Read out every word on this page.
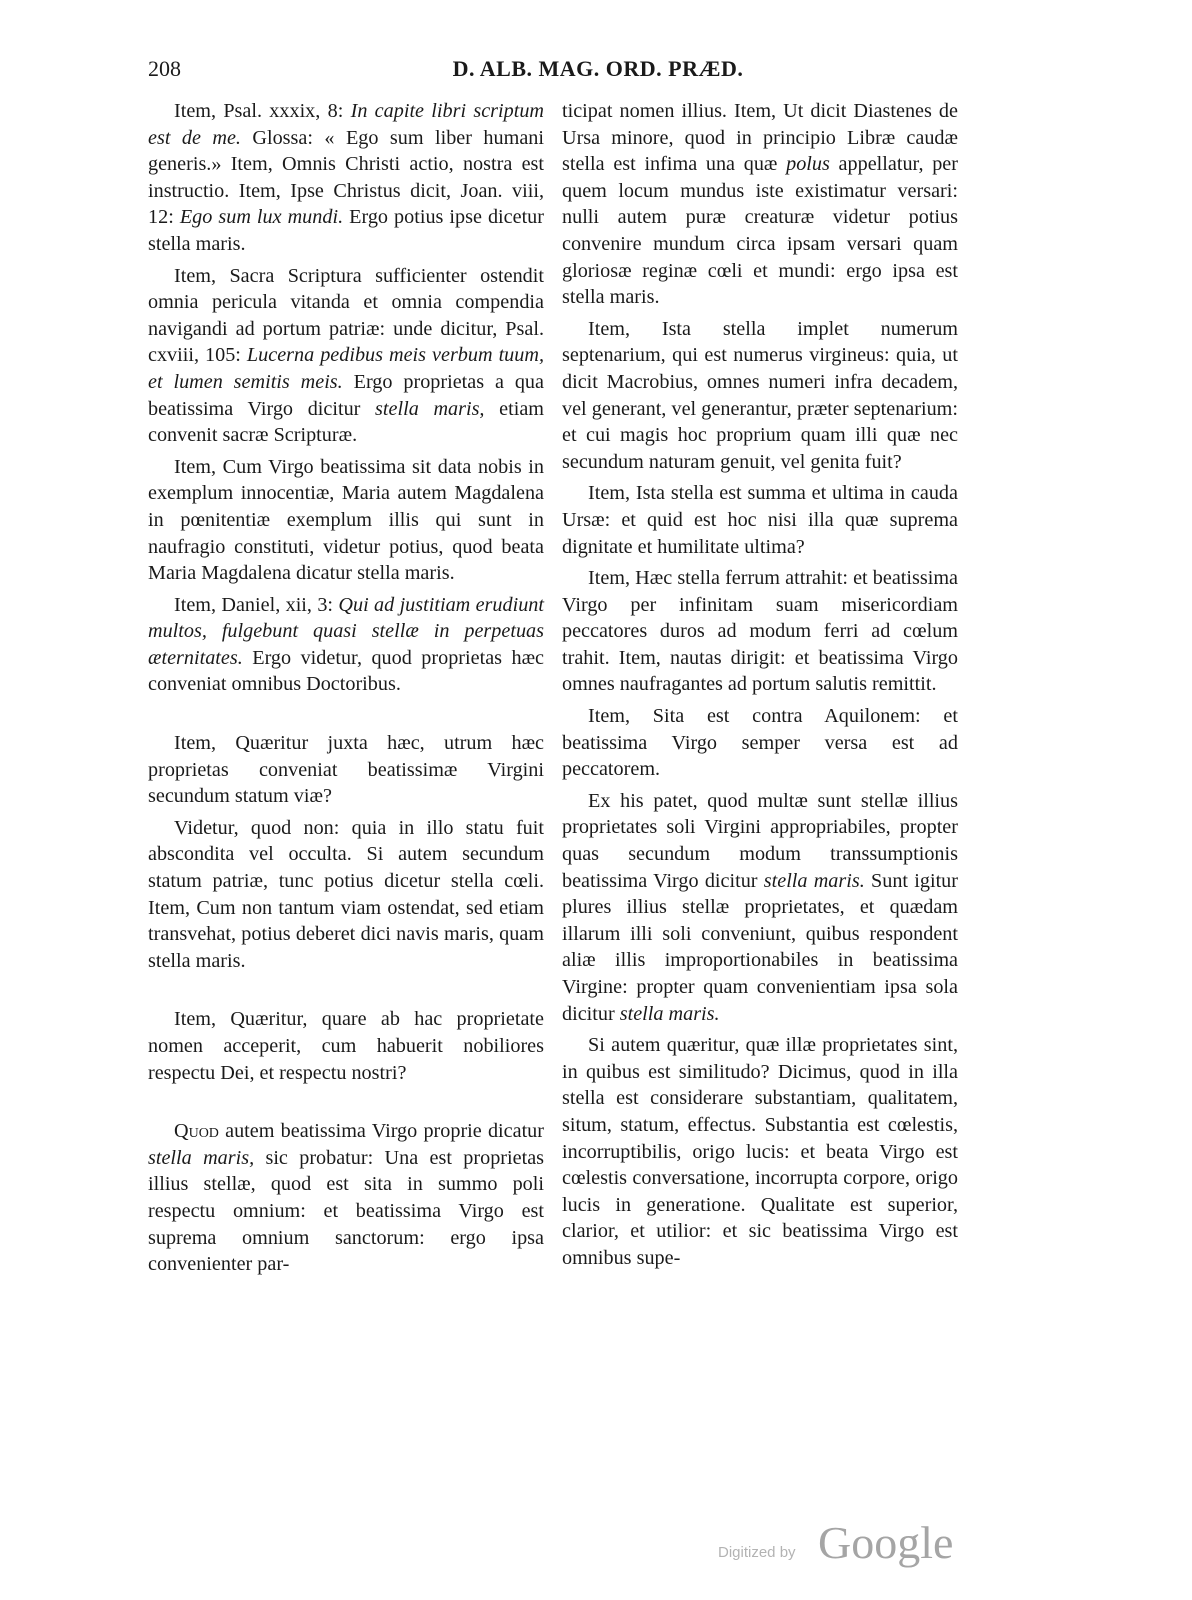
208	D. ALB. MAG. ORD. PRÆD.

Item, Psal. xxxix, 8: In capite libri scriptum est de me. Glossa: « Ego sum liber humani generis.» Item, Omnis Christi actio, nostra est instructio. Item, Ipse Christus dicit, Joan. viii, 12: Ego sum lux mundi. Ergo potius ipse dicetur stella maris.

Item, Sacra Scriptura sufficienter ostendit omnia pericula vitanda et omnia compendia navigandi ad portum patriæ: unde dicitur, Psal. cxviii, 105: Lucerna pedibus meis verbum tuum, et lumen semitis meis. Ergo proprietas a qua beatissima Virgo dicitur stella maris, etiam convenit sacræ Scripturæ.

Item, Cum Virgo beatissima sit data nobis in exemplum innocentiæ, Maria autem Magdalena in pœnitentiæ exemplum illis qui sunt in naufragio constituti, videtur potius, quod beata Maria Magdalena dicatur stella maris.

Item, Daniel, xii, 3: Qui ad justitiam erudiunt multos, fulgebunt quasi stellæ in perpetuas æternitates. Ergo videtur, quod proprietas hæc conveniat omnibus Doctoribus.

Item, Quæritur juxta hæc, utrum hæc proprietas conveniat beatissimæ Virgini secundum statum viæ?

Videtur, quod non: quia in illo statu fuit abscondita vel occulta. Si autem secundum statum patriæ, tunc potius dicetur stella cœli. Item, Cum non tantum viam ostendat, sed etiam transvehat, potius deberet dici navis maris, quam stella maris.

Item, Quæritur, quare ab hac proprietate nomen acceperit, cum habuerit nobiliores respectu Dei, et respectu nostri?

Quod autem beatissima Virgo proprie dicatur stella maris, sic probatur: Una est proprietas illius stellæ, quod est sita in summo poli respectu omnium: et beatissima Virgo est suprema omnium sanctorum: ergo ipsa convenienter par-

ticipat nomen illius. Item, Ut dicit Diastenes de Ursa minore, quod in principio Libræ caudæ stella est infima una quæ polus appellatur, per quem locum mundus iste existimatur versari: nulli autem puræ creaturæ videtur potius convenire mundum circa ipsam versari quam gloriosæ reginæ cœli et mundi: ergo ipsa est stella maris.

Item, Ista stella implet numerum septenarium, qui est numerus virgineus: quia, ut dicit Macrobius, omnes numeri infra decadem, vel generant, vel generantur, præter septenarium: et cui magis hoc proprium quam illi quæ nec secundum naturam genuit, vel genita fuit?

Item, Ista stella est summa et ultima in cauda Ursæ: et quid est hoc nisi illa quæ suprema dignitate et humilitate ultima?

Item, Hæc stella ferrum attrahit: et beatissima Virgo per infinitam suam misericordiam peccatores duros ad modum ferri ad cœlum trahit. Item, nautas dirigit: et beatissima Virgo omnes naufragantes ad portum salutis remittit.

Item, Sita est contra Aquilonem: et beatissima Virgo semper versa est ad peccatorem.

Ex his patet, quod multæ sunt stellæ illius proprietates soli Virgini appropriabiles, propter quas secundum modum transsumptionis beatissima Virgo dicitur stella maris. Sunt igitur plures illius stellæ proprietates, et quædam illarum illi soli conveniunt, quibus respondent aliæ illis improportionabiles in beatissima Virgine: propter quam convenientiam ipsa sola dicitur stella maris.

Si autem quæritur, quæ illæ proprietates sint, in quibus est similitudo? Dicimus, quod in illa stella est considerare substantiam, qualitatem, situm, statum, effectus. Substantia est cœlestis, incorruptibilis, origo lucis: et beata Virgo est cœlestis conversatione, incorrupta corpore, origo lucis in generatione. Qualitate est superior, clarior, et utilior: et sic beatissima Virgo est omnibus supe-

Digitized by Google
